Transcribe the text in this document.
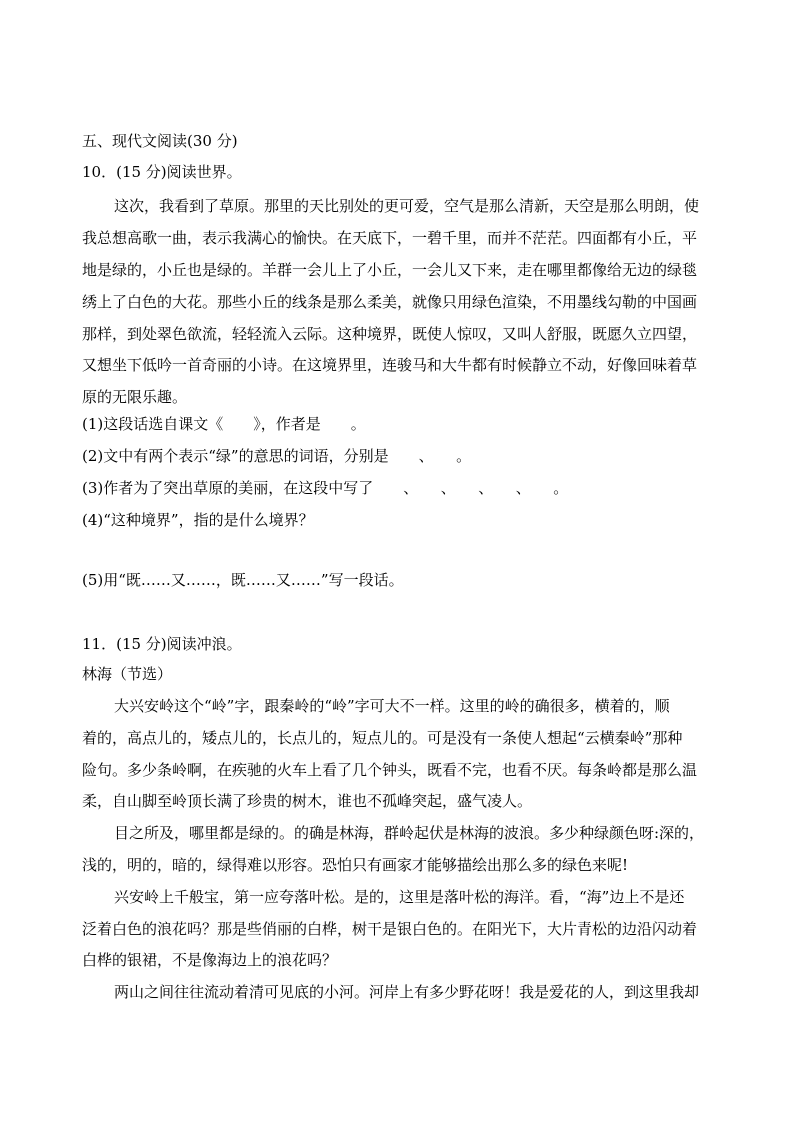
五、现代文阅读(30 分)
10．(15 分)阅读世界。
这次，我看到了草原。那里的天比别处的更可爱，空气是那么清新，天空是那么明朗，使
我总想高歌一曲，表示我满心的愉快。在天底下，一碧千里，而并不茫茫。四面都有小丘，平
地是绿的，小丘也是绿的。羊群一会儿上了小丘，一会儿又下来，走在哪里都像给无边的绿毯
绣上了白色的大花。那些小丘的线条是那么柔美，就像只用绿色渲染，不用墨线勾勒的中国画
那样，到处翠色欲流，轻轻流入云际。这种境界，既使人惊叹，又叫人舒服，既愿久立四望，
又想坐下低吟一首奇丽的小诗。在这境界里，连骏马和大牛都有时候静立不动，好像回味着草
原的无限乐趣。
(1)这段话选自课文《　　》，作者是　　。
(2)文中有两个表示“绿”的意思的词语，分别是　　、　　。
(3)作者为了突出草原的美丽，在这段中写了　　、　　、　　、　　、　　。
(4)“这种境界”，指的是什么境界？
(5)用“既……又……，既……又……”写一段话。
11．(15 分)阅读冲浪。
林海（节选）
大兴安岭这个“岭”字，跟秦岭的“岭”字可大不一样。这里的岭的确很多，横着的，顺
着的，高点儿的，矮点儿的，长点儿的，短点儿的。可是没有一条使人想起“云横秦岭”那种
险句。多少条岭啊，在疾驰的火车上看了几个钟头，既看不完，也看不厌。每条岭都是那么温
柔，自山脚至岭顶长满了珍贵的树木，谁也不孤峰突起，盛气凌人。
目之所及，哪里都是绿的。的确是林海，群岭起伏是林海的波浪。多少种绿颜色呀:深的，
浅的，明的，暗的，绿得难以形容。恐怕只有画家才能够描绘出那么多的绿色来呢!
兴安岭上千般宝，第一应夸落叶松。是的，这里是落叶松的海洋。看，“海”边上不是还
泛着白色的浪花吗？那是些俏丽的白桦，树干是银白色的。在阳光下，大片青松的边沿闪动着
白桦的银裙，不是像海边上的浪花吗？
两山之间往往流动着清可见底的小河。河岸上有多少野花呀！我是爱花的人，到这里我却
